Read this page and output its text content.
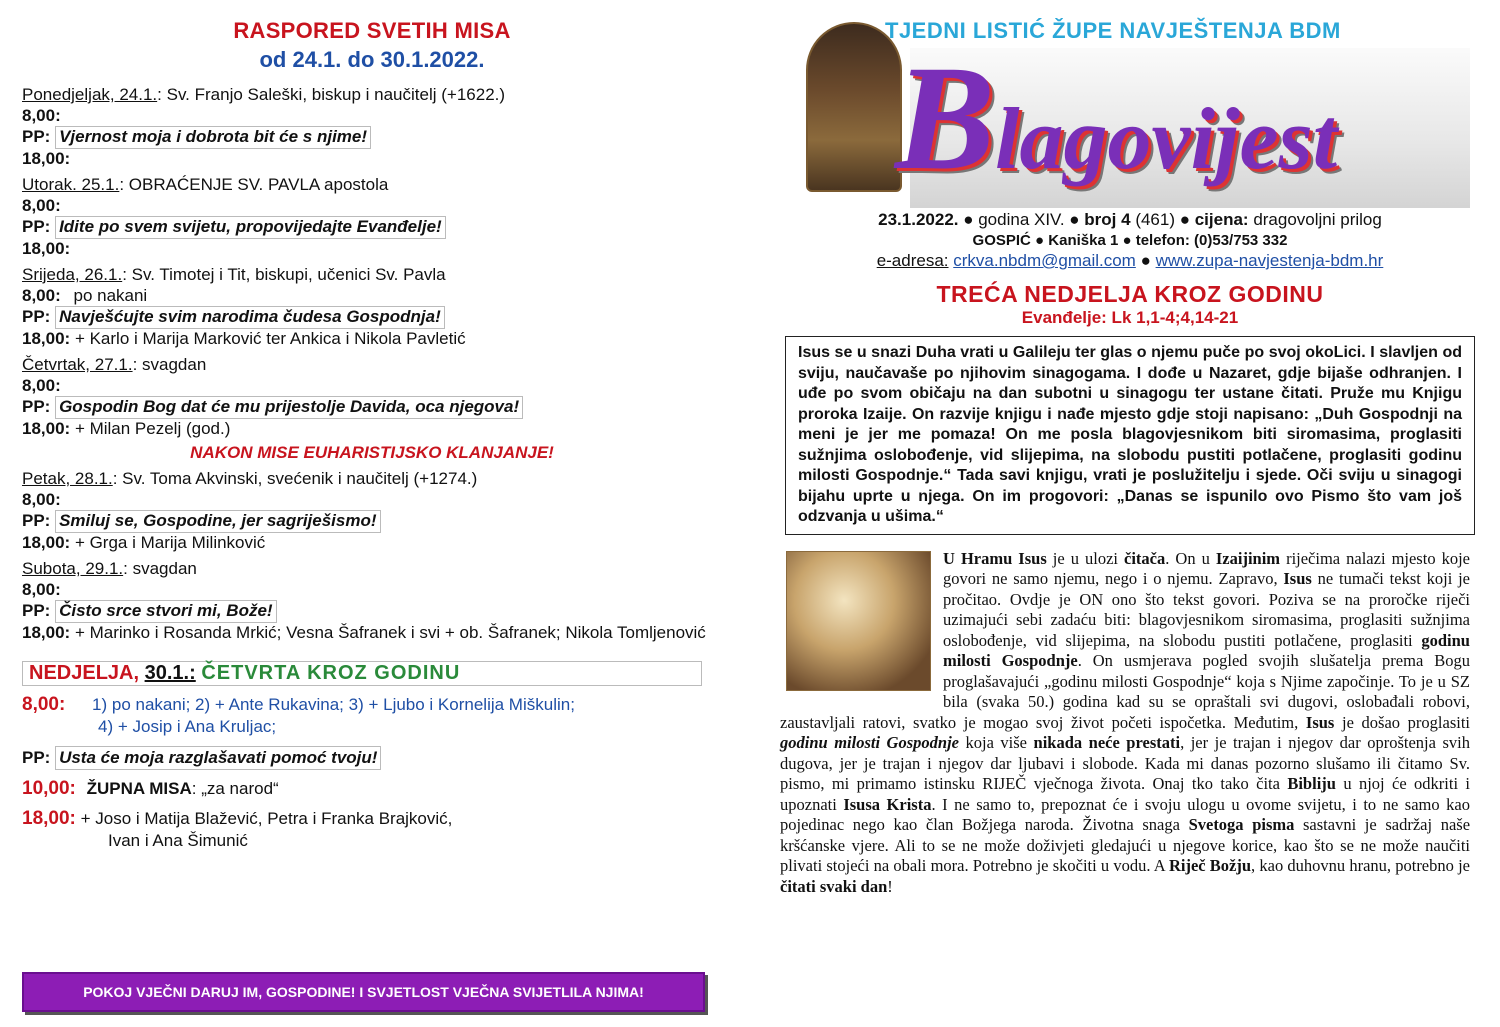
RASPORED SVETIH MISA
od 24.1. do 30.1.2022.
Ponedjeljak, 24.1.: Sv. Franjo Saleški, biskup i naučitelj (+1622.)
8,00:
PP: Vjernost moja i dobrota bit će s njime!
18,00:
Utorak. 25.1.: OBRAĆENJE SV. PAVLA apostola
8,00:
PP: Idite po svem svijetu, propovijedajte Evanđelje!
18,00:
Srijeda, 26.1.: Sv. Timotej i Tit, biskupi, učenici Sv. Pavla
8,00: po nakani
PP: Navješćujte svim narodima čudesa Gospodnja!
18,00: + Karlo i Marija Marković ter Ankica i Nikola Pavletić
Četvrtak, 27.1.: svagdan
8,00:
PP: Gospodin Bog dat će mu prijestolje Davida, oca njegova!
18,00: + Milan Pezelj (god.)
NAKON MISE EUHARISTIJSKO KLANJANJE!
Petak, 28.1.: Sv. Toma Akvinski, svećenik i naučitelj (+1274.)
8,00:
PP: Smiluj se, Gospodine, jer sagriješismo!
18,00: + Grga i Marija Milinković
Subota, 29.1.: svagdan
8,00:
PP: Čisto srce stvori mi, Bože!
18,00: + Marinko i Rosanda Mrkić; Vesna Šafranek i svi + ob. Šafranek; Nikola Tomljenović
NEDJELJA, 30.1.: ČETVRTA KROZ GODINU
8,00: 1) po nakani; 2) + Ante Rukavina; 3) + Ljubo i Kornelija Miškulin;
4) + Josip i Ana Kruljac;
PP: Usta će moja razglašavati pomoć tvoju!
10,00: ŽUPNA MISA: „za narod“
18,00: + Joso i Matija Blažević, Petra i Franka Brajković,
Ivan i Ana Šimunić
POKOJ VJEČNI DARUJ IM, GOSPODINE! I SVJETLOST VJEČNA SVIJETLILA NJIMA!
TJEDNI LISTIĆ ŽUPE NAVJEŠTENJA BDM
Blagovijest
23.1.2022. ● godina XIV. ● broj 4 (461) ● cijena: dragovoljni prilog
GOSPIĆ ● Kaniška 1 ● telefon: (0)53/753 332
e-adresa: crkva.nbdm@gmail.com ● www.zupa-navjestenja-bdm.hr
TREĆA NEDJELJA KROZ GODINU
Evanđelje: Lk 1,1-4;4,14-21
Isus se u snazi Duha vrati u Galileju ter glas o njemu puče po svoj okoLici. I slavljen od sviju, naučavaše po njihovim sinagogama. I dođe u Nazaret, gdje bijaše odhranjen. I uđe po svom običaju na dan subotni u sinagogu ter ustane čitati. Pruže mu Knjigu proroka Izaije. On razvije knjigu i nađe mjesto gdje stoji napisano: „Duh Gospodnji na meni je jer me pomaza! On me posla blagovjesnikom biti siromasima, proglasiti sužnjima oslobođenje, vid slijepima, na slobodu pustiti potlačene, proglasiti godinu milosti Gospodnje.“ Tada savi knjigu, vrati je poslužitelju i sjede. Oči sviju u sinagogi bijahu uprte u njega. On im progovori: „Danas se ispunilo ovo Pismo što vam još odzvanja u ušima.“
U Hramu Isus je u ulozi čitača. On u Izaijinim riječima nalazi mjesto koje govori ne samo njemu, nego i o njemu. Zapravo, Isus ne tumači tekst koji je pročitao. Ovdje je ON ono što tekst govori. Poziva se na proročke riječi uzimajući sebi zadaću biti: blagovjesnikom siromasima, proglasiti sužnjima oslobođenje, vid slijepima, na slobodu pustiti potlačene, proglasiti godinu milosti Gospodnje. On usmjerava pogled svojih slušatelja prema Bogu proglašavajući „godinu milosti Gospodnje“ koja s Njime započinje. To je u SZ bila (svaka 50.) godina kad su se opraštali svi dugovi, oslobađali robovi, zaustavljali ratovi, svatko je mogao svoj život početi ispočetka. Međutim, Isus je došao proglasiti godinu milosti Gospodnje koja više nikada neće prestati, jer je trajan i njegov dar oproštenja svih dugova, jer je trajan i njegov dar ljubavi i slobode. Kada mi danas pozorno slušamo ili čitamo Sv. pismo, mi primamo istinsku RIJEČ vječnoga života. Onaj tko tako čita Bibliju u njoj će odkriti i upoznati Isusa Krista. I ne samo to, prepoznat će i svoju ulogu u ovome svijetu, i to ne samo kao pojedinac nego kao član Božjega naroda. Životna snaga Svetoga pisma sastavni je sadržaj naše kršćanske vjere. Ali to se ne može doživjeti gledajući u njegove korice, kao što se ne može naučiti plivati stojeći na obali mora. Potrebno je skočiti u vodu. A Riječ Božju, kao duhovnu hranu, potrebno je čitati svaki dan!
